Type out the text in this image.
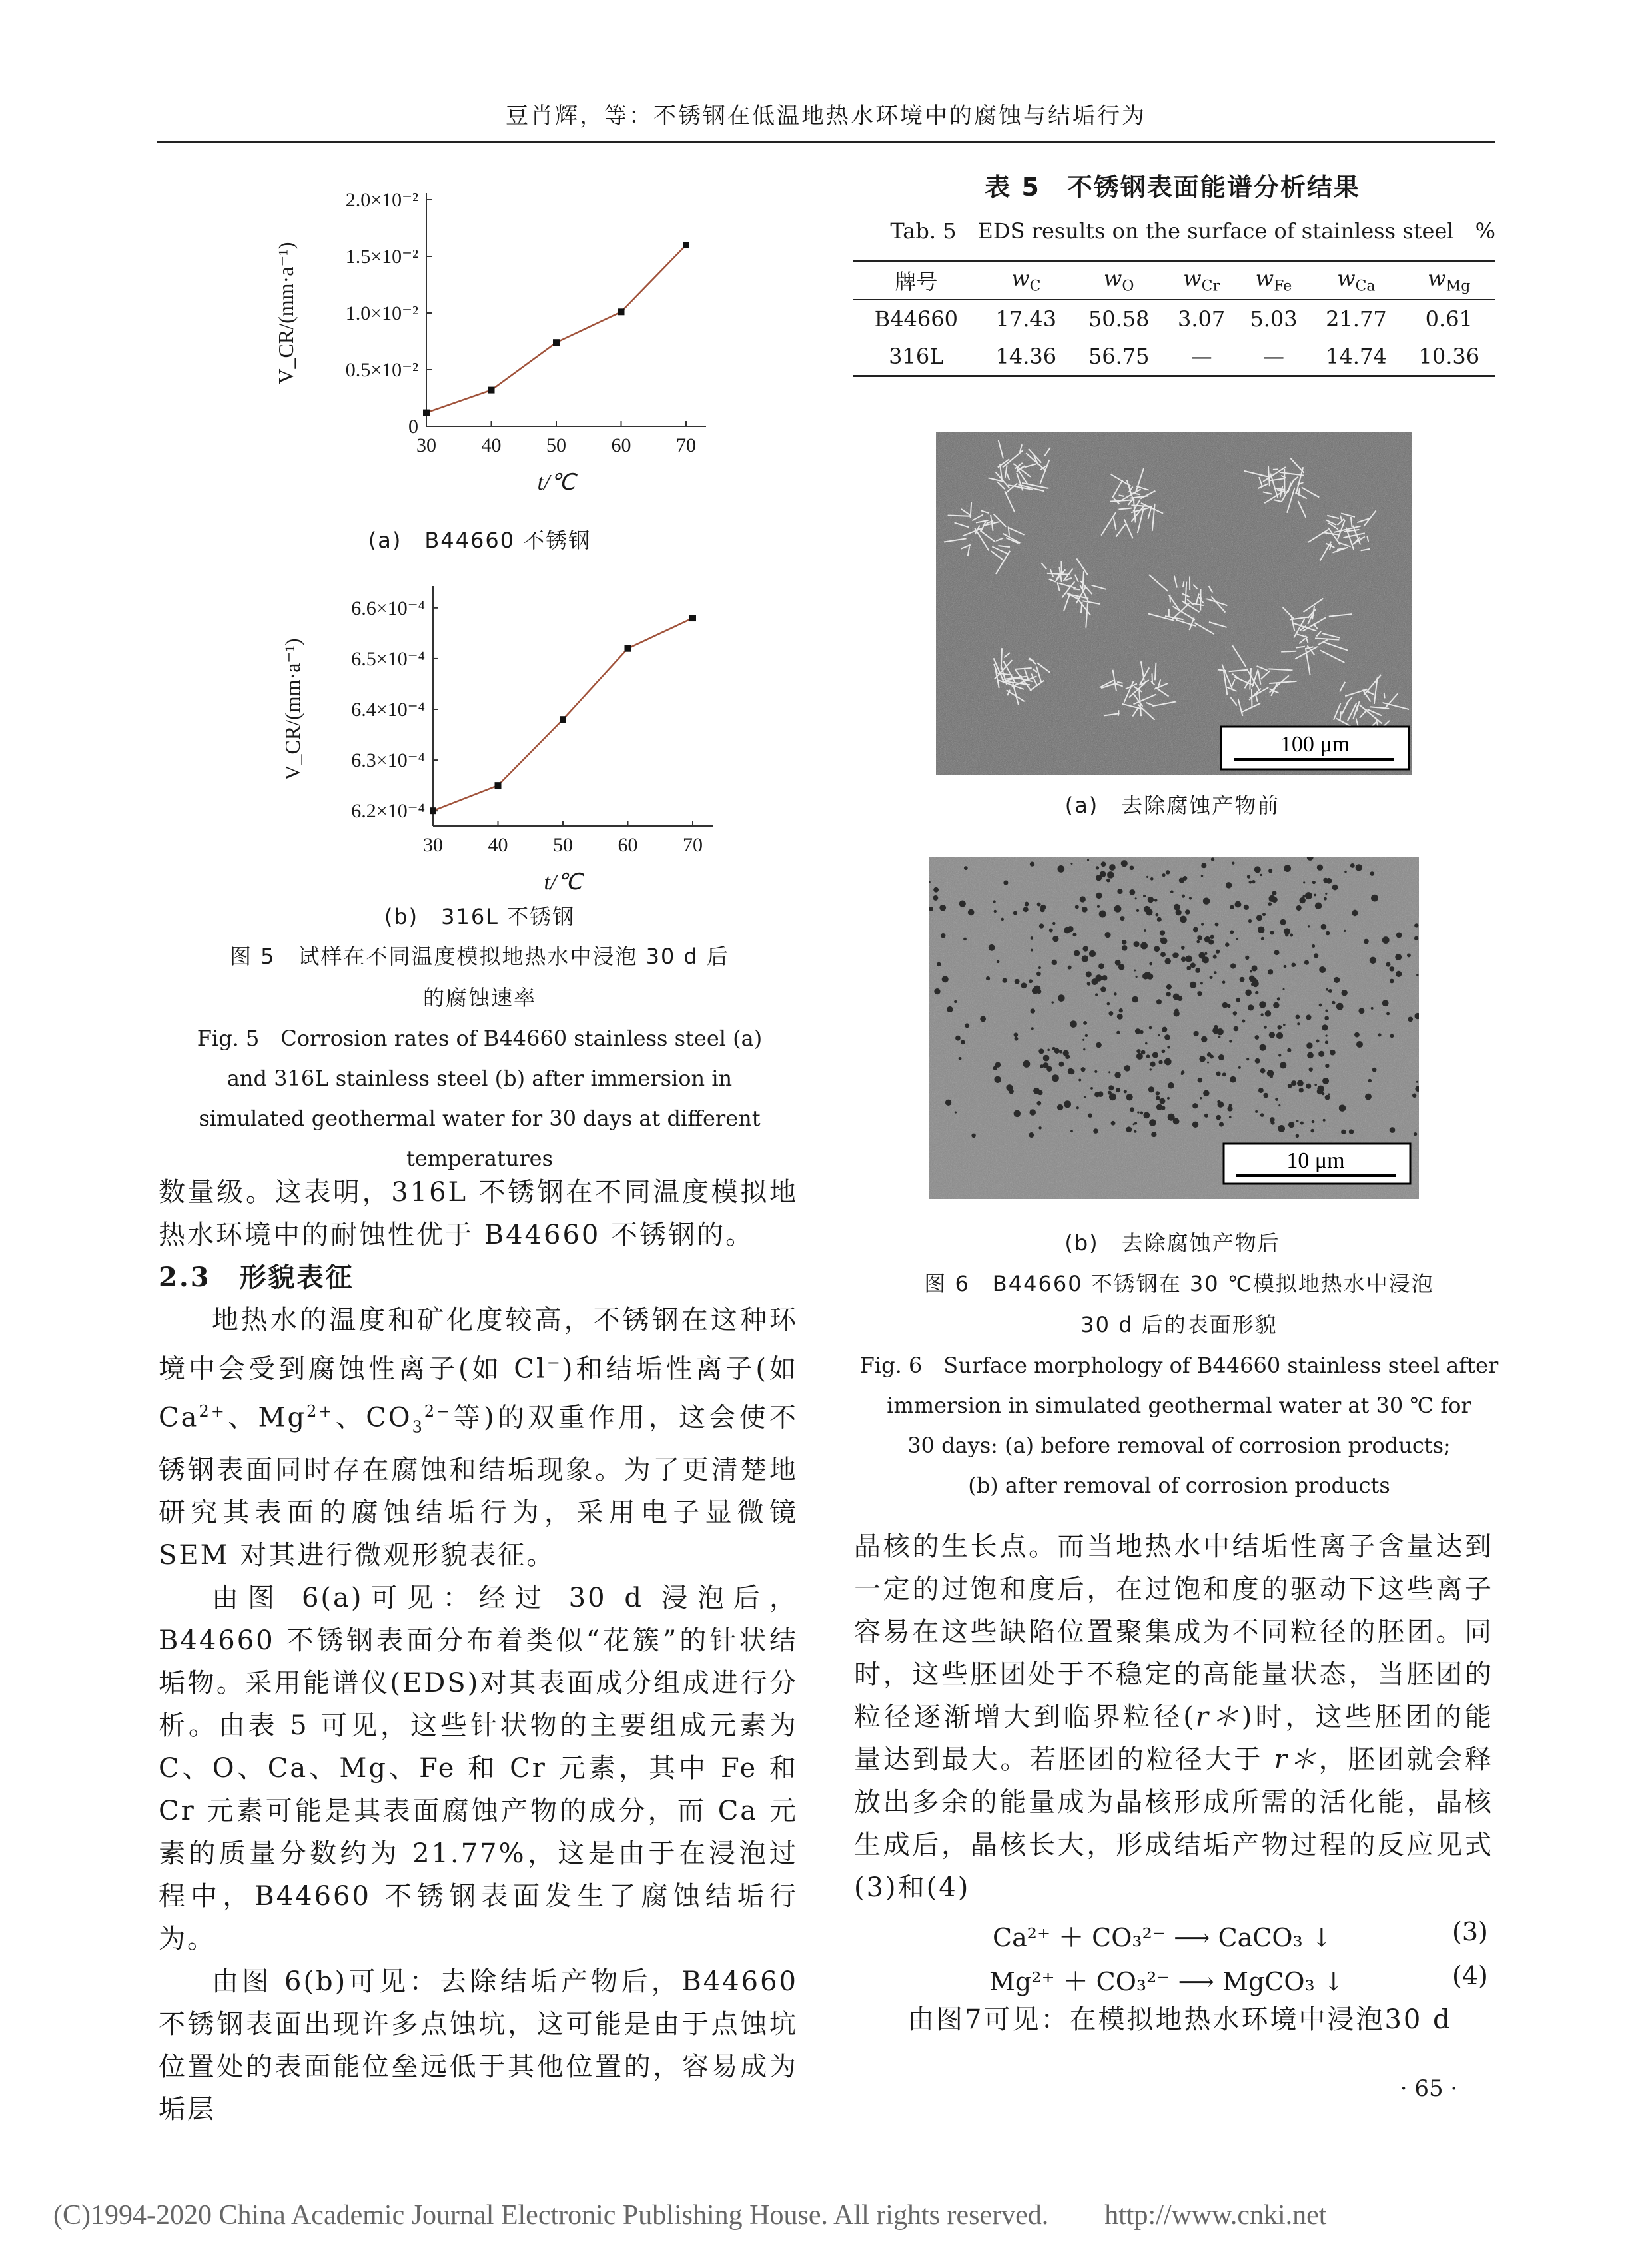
豆肖辉，等：不锈钢在低温地热水环境中的腐蚀与结垢行为
0
0.5×10⁻²
1.0×10⁻²
1.5×10⁻²
2.0×10⁻²
30 40 50 60 70
t/℃
V_CR/(mm·a⁻¹)
(a)　B44660 不锈钢
6.2×10⁻⁴
6.3×10⁻⁴
6.4×10⁻⁴
6.5×10⁻⁴
6.6×10⁻⁴
30 40 50 60 70
t/℃
V_CR/(mm·a⁻¹)
(b)　316L 不锈钢
图 5　试样在不同温度模拟地热水中浸泡 30 d 后
的腐蚀速率
Fig. 5　Corrosion rates of B44660 stainless steel (a)
and 316L stainless steel (b) after immersion in
simulated geothermal water for 30 days at different
temperatures

数量级。这表明，316L 不锈钢在不同温度模拟地热水环境中的耐蚀性优于 B44660 不锈钢的。

2.3　形貌表征

地热水的温度和矿化度较高，不锈钢在这种环境中会受到腐蚀性离子(如 Cl−)和结垢性离子(如 $Ca^{2+}$、$Mg^{2+}$、$CO_3^{2-}$等)的双重作用，这会使不锈钢表面同时存在腐蚀和结垢现象。为了更清楚地研究其表面的腐蚀结垢行为，采用电子显微镜 SEM 对其进行微观形貌表征。

由图 6(a)可见：经过 30 d 浸泡后，B44660 不锈钢表面分布着类似“花簇”的针状结垢物。采用能谱仪(EDS)对其表面成分组成进行分析。由表 5 可见，这些针状物的主要组成元素为 C、O、Ca、Mg、Fe 和 Cr 元素，其中 Fe 和 Cr 元素可能是其表面腐蚀产物的成分，而 Ca 元素的质量分数约为 21.77%，这是由于在浸泡过程中，B44660 不锈钢表面发生了腐蚀结垢行为。

由图 6(b)可见：去除结垢产物后，B44660 不锈钢表面出现许多点蚀坑，这可能是由于点蚀坑位置处的表面能位垒远低于其他位置的，容易成为垢层

表 5　不锈钢表面能谱分析结果
Tab. 5　EDS results on the surface of stainless steel　%
牌号	$w_C$	$w_O$	$w_{Cr}$	$w_{Fe}$	$w_{Ca}$	$w_{Mg}$
B44660	17.43	50.58	3.07	5.03	21.77	0.61
316L	14.36	56.75	—	—	14.74	10.36
100 μm
(a)　去除腐蚀产物前
10 μm
(b)　去除腐蚀产物后
图 6　B44660 不锈钢在 30 ℃模拟地热水中浸泡
30 d 后的表面形貌
Fig. 6　Surface morphology of B44660 stainless steel after
immersion in simulated geothermal water at 30 ℃ for
30 days: (a) before removal of corrosion products;
(b) after removal of corrosion products

晶核的生长点。而当地热水中结垢性离子含量达到一定的过饱和度后，在过饱和度的驱动下这些离子容易在这些缺陷位置聚集成为不同粒径的胚团。同时，这些胚团处于不稳定的高能量状态，当胚团的粒径逐渐增大到临界粒径(r＊)时，这些胚团的能量达到最大。若胚团的粒径大于 r＊，胚团就会释放出多余的能量成为晶核形成所需的活化能，晶核生成后，晶核长大，形成结垢产物过程的反应见式(3)和(4)

Ca²⁺ ＋ CO₃²⁻ ⟶ CaCO₃ ↓	(3)
Mg²⁺ ＋ CO₃²⁻ ⟶ MgCO₃ ↓	(4)

由图7可见：在模拟地热水环境中浸泡30 d

· 65 ·
(C)1994-2020 China Academic Journal Electronic Publishing House. All rights reserved.　　http://www.cnki.net
